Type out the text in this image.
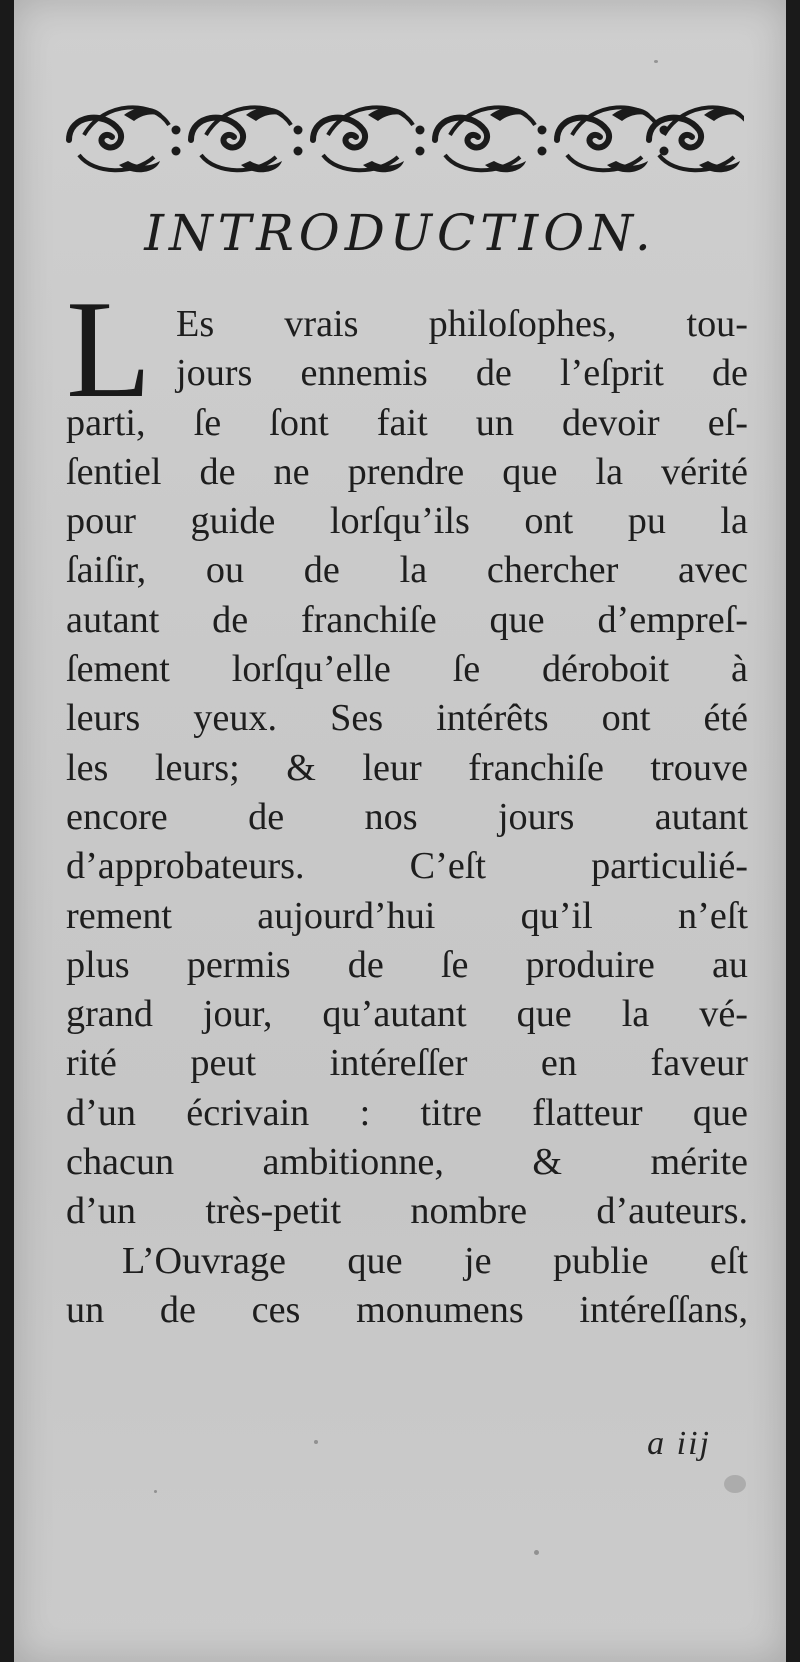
INTRODUCTION.
L Es vrais philoſophes, tou-
jours ennemis de l’eſprit de
parti, ſe ſont fait un devoir eſ-
ſentiel de ne prendre que la vérité
pour guide lorſqu’ils ont pu la
ſaiſir, ou de la chercher avec
autant de franchiſe que d’empreſ-
ſement lorſqu’elle ſe déroboit à
leurs yeux. Ses intérêts ont été
les leurs; & leur franchiſe trouve
encore de nos jours autant
d’approbateurs. C’eſt particulié-
rement aujourd’hui qu’il n’eſt
plus permis de ſe produire au
grand jour, qu’autant que la vé-
rité peut intéreſſer en faveur
d’un écrivain : titre flatteur que
chacun ambitionne, & mérite
d’un très-petit nombre d’auteurs.
L’Ouvrage que je publie eſt
un de ces monumens intéreſſans,
a iij
